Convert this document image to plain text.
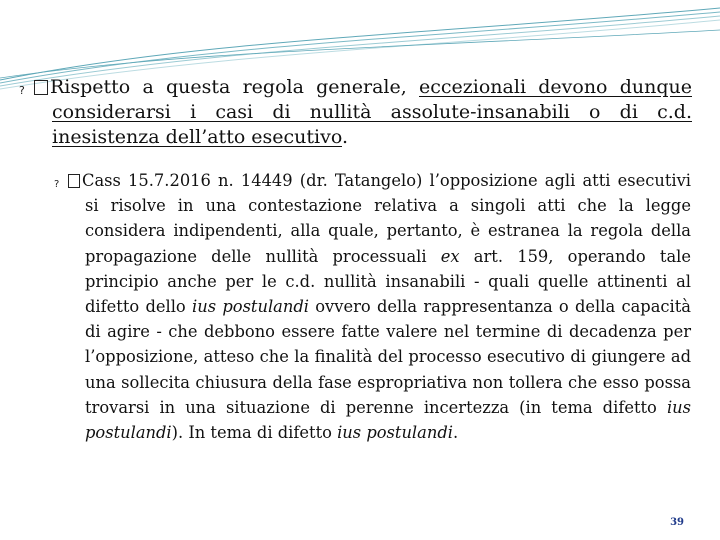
?Rispetto a questa regola generale, eccezionali devono dunque considerarsi i casi di nullità assolute-insanabili o di c.d. inesistenza dell’atto esecutivo.
?Cass 15.7.2016 n. 14449 (dr. Tatangelo) l’opposizione agli atti esecutivi si risolve in una contestazione relativa a singoli atti che la legge considera indipendenti, alla quale, pertanto, è estranea la regola della propagazione delle nullità processuali ex art. 159, operando tale principio anche per le c.d. nullità insanabili - quali quelle attinenti al difetto dello ius postulandi ovvero della rappresentanza o della capacità di agire - che debbono essere fatte valere nel termine di decadenza per l’opposizione, atteso che la finalità del processo esecutivo di giungere ad una sollecita chiusura della fase espropriativa non tollera che esso possa trovarsi in una situazione di perenne incertezza (in tema difetto ius postulandi). In tema di difetto ius postulandi.
39
